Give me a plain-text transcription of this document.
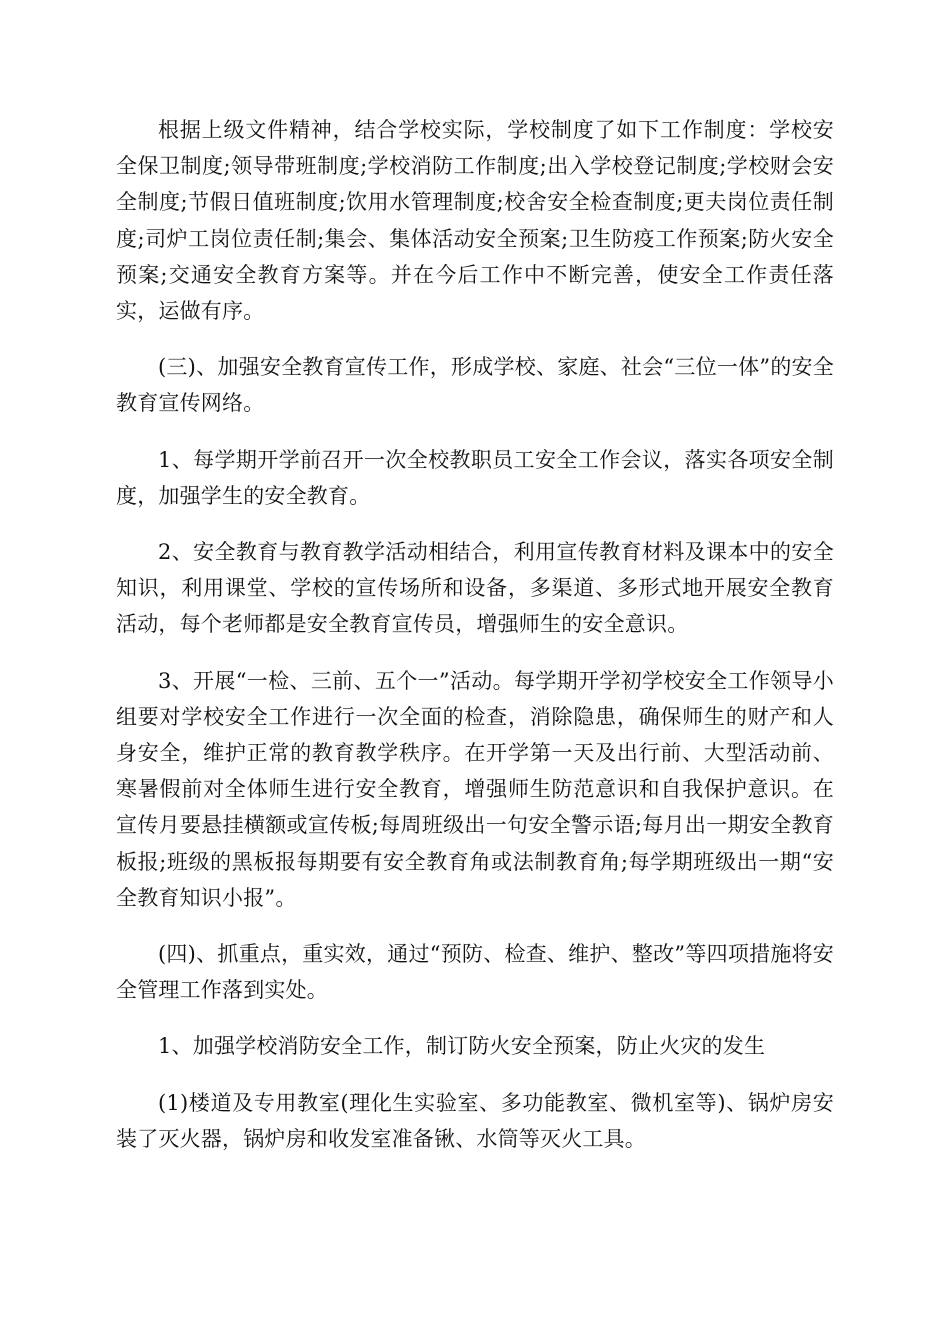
根据上级文件精神，结合学校实际，学校制度了如下工作制度：学校安全保卫制度;领导带班制度;学校消防工作制度;出入学校登记制度;学校财会安全制度;节假日值班制度;饮用水管理制度;校舍安全检查制度;更夫岗位责任制度;司炉工岗位责任制;集会、集体活动安全预案;卫生防疫工作预案;防火安全预案;交通安全教育方案等。并在今后工作中不断完善，使安全工作责任落实，运做有序。

(三)、加强安全教育宣传工作，形成学校、家庭、社会“三位一体”的安全教育宣传网络。

1、每学期开学前召开一次全校教职员工安全工作会议，落实各项安全制度，加强学生的安全教育。

2、安全教育与教育教学活动相结合，利用宣传教育材料及课本中的安全知识，利用课堂、学校的宣传场所和设备，多渠道、多形式地开展安全教育活动，每个老师都是安全教育宣传员，增强师生的安全意识。

3、开展“一检、三前、五个一”活动。每学期开学初学校安全工作领导小组要对学校安全工作进行一次全面的检查，消除隐患，确保师生的财产和人身安全，维护正常的教育教学秩序。在开学第一天及出行前、大型活动前、寒暑假前对全体师生进行安全教育，增强师生防范意识和自我保护意识。在宣传月要悬挂横额或宣传板;每周班级出一句安全警示语;每月出一期安全教育板报;班级的黑板报每期要有安全教育角或法制教育角;每学期班级出一期“安全教育知识小报”。

(四)、抓重点，重实效，通过“预防、检查、维护、整改”等四项措施将安全管理工作落到实处。

1、加强学校消防安全工作，制订防火安全预案，防止火灾的发生

(1)楼道及专用教室(理化生实验室、多功能教室、微机室等)、锅炉房安装了灭火器，锅炉房和收发室准备锹、水筒等灭火工具。
